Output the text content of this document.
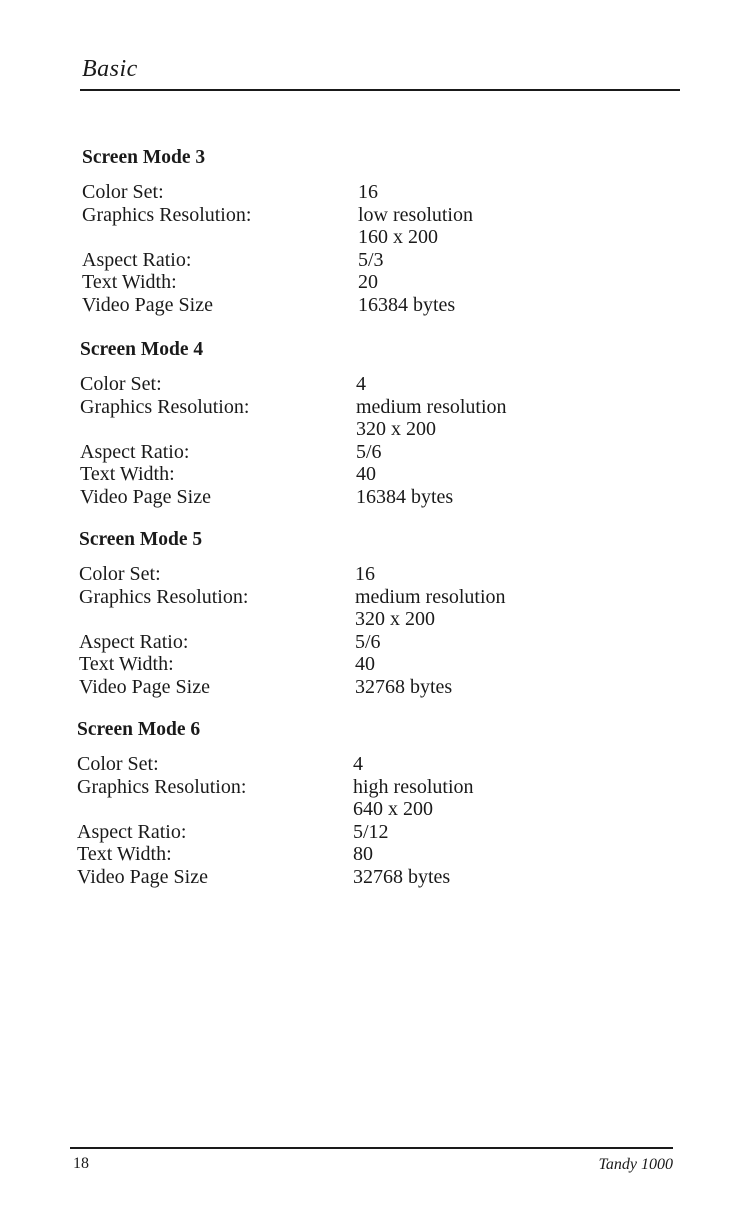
Basic
Screen Mode 3
Color Set:	16
Graphics Resolution:	low resolution
160 x 200
Aspect Ratio:	5/3
Text Width:	20
Video Page Size	16384 bytes
Screen Mode 4
Color Set:	4
Graphics Resolution:	medium resolution
320 x 200
Aspect Ratio:	5/6
Text Width:	40
Video Page Size	16384 bytes
Screen Mode 5
Color Set:	16
Graphics Resolution:	medium resolution
320 x 200
Aspect Ratio:	5/6
Text Width:	40
Video Page Size	32768 bytes
Screen Mode 6
Color Set:	4
Graphics Resolution:	high resolution
640 x 200
Aspect Ratio:	5/12
Text Width:	80
Video Page Size	32768 bytes
18	Tandy 1000
